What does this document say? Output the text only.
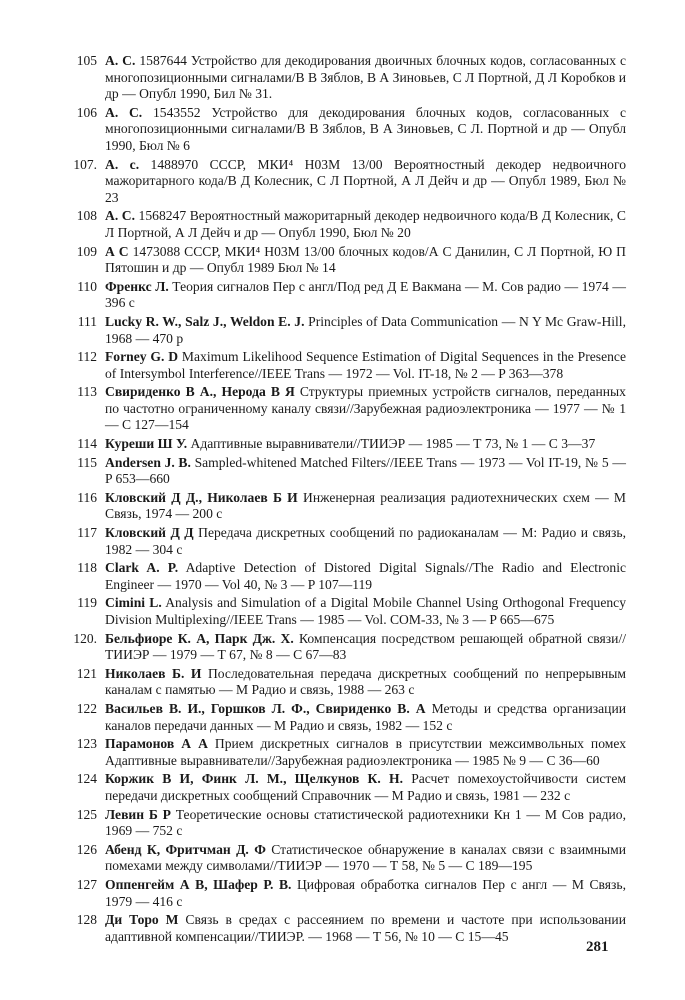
105 А. С. 1587644 Устройство для декодирования двоичных блочных кодов, согласованных с многопозиционными сигналами/В В Зяблов, В А Зиновьев, С Л Портной, Д Л Коробков и др — Опубл 1990, Бил № 31.
106 А. С. 1543552 Устройство для декодирования блочных кодов, согласованных с многопозиционными сигналами/В В Зяблов, В А Зиновьев, С Л. Портной и др — Опубл 1990, Бюл № 6
107. А. с. 1488970 СССР, МКИ⁴ Н03М 13/00 Вероятностный декодер недвоичного мажоритарного кода/В Д Колесник, С Л Портной, А Л Дейч и др — Опубл 1989, Бюл № 23
108 А. С. 1568247 Вероятностный мажоритарный декодер недвоичного кода/В Д Колесник, С Л Портной, А Л Дейч и др — Опубл 1990, Бюл № 20
109 А С 1473088 СССР, МКИ⁴ Н03М 13/00 блочных кодов/А С Данилин, С Л Портной, Ю П Пятошин и др — Опубл 1989 Бюл № 14
110 Френкс Л. Теория сигналов Пер с англ/Под ред Д Е Вакмана — М. Сов радио — 1974 — 396 с
111 Lucky R. W., Salz J., Weldon E. J. Principles of Data Communication — N Y Mc Graw-Hill, 1968 — 470 p
112 Forney G. D Maximum Likelihood Sequence Estimation of Digital Sequences in the Presence of Intersymbol Interference//IEEE Trans — 1972 — Vol. IT-18, № 2 — P 363—378
113 Свириденко В А., Нерода В Я Структуры приемных устройств сигналов, переданных по частотно ограниченному каналу связи//Зарубежная радиоэлектроника — 1977 — № 1 — С 127—154
114 Куреши Ш У. Адаптивные выравниватели//ТИИЭР — 1985 — Т 73, № 1 — С 3—37
115 Andersen J. B. Sampled-whitened Matched Filters//IEEE Trans — 1973 — Vol IT-19, № 5 — P 653—660
116 Кловский Д Д., Николаев Б И Инженерная реализация радиотехнических схем — М Связь, 1974 — 200 с
117 Кловский Д Д Передача дискретных сообщений по радиоканалам — М: Радио и связь, 1982 — 304 с
118 Clark A. P. Adaptive Detection of Distored Digital Signals//The Radio and Electronic Engineer — 1970 — Vol 40, № 3 — P 107—119
119 Cimini L. Analysis and Simulation of a Digital Mobile Channel Using Orthogonal Frequency Division Multiplexing//IEEE Trans — 1985 — Vol. COM-33, № 3 — P 665—675
120. Бельфиоре К. А, Парк Дж. Х. Компенсация посредством решающей обратной связи//ТИИЭР — 1979 — Т 67, № 8 — С 67—83
121 Николаев Б. И Последовательная передача дискретных сообщений по непрерывным каналам с памятью — М Радио и связь, 1988 — 263 с
122 Васильев В. И., Горшков Л. Ф., Свириденко В. А Методы и средства организации каналов передачи данных — М Радио и связь, 1982 — 152 с
123 Парамонов А А Прием дискретных сигналов в присутствии межсимвольных помех Адаптивные выравниватели//Зарубежная радиоэлектроника — 1985 № 9 — С 36—60
124 Коржик В И, Финк Л. М., Щелкунов К. Н. Расчет помехоустойчивости систем передачи дискретных сообщений Справочник — М Радио и связь, 1981 — 232 с
125 Левин Б Р Теоретические основы статистической радиотехники Кн 1 — М Сов радио, 1969 — 752 с
126 Абенд К, Фритчман Д. Ф Статистическое обнаружение в каналах связи с взаимными помехами между символами//ТИИЭР — 1970 — Т 58, № 5 — С 189—195
127 Оппенгейм А В, Шафер Р. В. Цифровая обработка сигналов Пер с англ — М Связь, 1979 — 416 с
128 Ди Торо М Связь в средах с рассеянием по времени и частоте при использовании адаптивной компенсации//ТИИЭР. — 1968 — Т 56, № 10 — С 15—45
281
